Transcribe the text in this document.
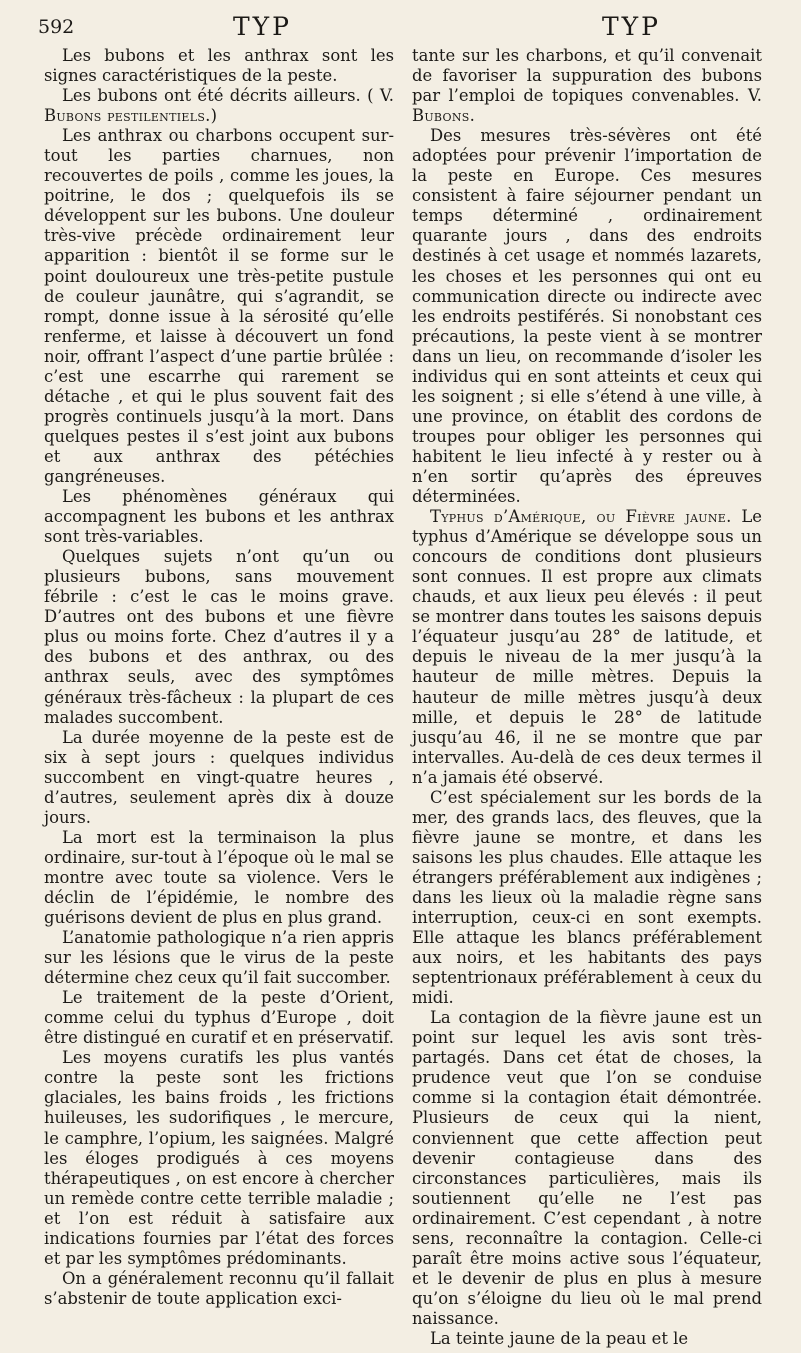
592	TYP	TYP

Les bubons et les anthrax sont les signes caractéristiques de la peste.

Les bubons ont été décrits ailleurs. ( V. Bubons pestilentiels.)

Les anthrax ou charbons occupent sur-tout les parties charnues, non recouvertes de poils , comme les joues, la poitrine, le dos ; quelquefois ils se développent sur les bubons. Une douleur très-vive précède ordinairement leur apparition : bientôt il se forme sur le point douloureux une très-petite pustule de couleur jaunâtre, qui s’agrandit, se rompt, donne issue à la sérosité qu’elle renferme, et laisse à découvert un fond noir, offrant l’aspect d’une partie brûlée : c’est une escarrhe qui rarement se détache , et qui le plus souvent fait des progrès continuels jusqu’à la mort. Dans quelques pestes il s’est joint aux bubons et aux anthrax des pétéchies gangréneuses.

Les phénomènes généraux qui accompagnent les bubons et les anthrax sont très-variables.

Quelques sujets n’ont qu’un ou plusieurs bubons, sans mouvement fébrile : c’est le cas le moins grave. D’autres ont des bubons et une fièvre plus ou moins forte. Chez d’autres il y a des bubons et des anthrax, ou des anthrax seuls, avec des symptômes généraux très-fâcheux : la plupart de ces malades succombent.

La durée moyenne de la peste est de six à sept jours : quelques individus succombent en vingt-quatre heures , d’autres, seulement après dix à douze jours.

La mort est la terminaison la plus ordinaire, sur-tout à l’époque où le mal se montre avec toute sa violence. Vers le déclin de l’épidémie, le nombre des guérisons devient de plus en plus grand.

L’anatomie pathologique n’a rien appris sur les lésions que le virus de la peste détermine chez ceux qu’il fait succomber.

Le traitement de la peste d’Orient, comme celui du typhus d’Europe , doit être distingué en curatif et en préservatif.

Les moyens curatifs les plus vantés contre la peste sont les frictions glaciales, les bains froids , les frictions huileuses, les sudorifiques , le mercure, le camphre, l’opium, les saignées. Malgré les éloges prodigués à ces moyens thérapeutiques , on est encore à chercher un remède contre cette terrible maladie ; et l’on est réduit à satisfaire aux indications fournies par l’état des forces et par les symptômes prédominants.

On a généralement reconnu qu’il fallait s’abstenir de toute application exci-

tante sur les charbons, et qu’il convenait de favoriser la suppuration des bubons par l’emploi de topiques convenables. V. Bubons.

Des mesures très-sévères ont été adoptées pour prévenir l’importation de la peste en Europe. Ces mesures consistent à faire séjourner pendant un temps déterminé , ordinairement quarante jours , dans des endroits destinés à cet usage et nommés lazarets, les choses et les personnes qui ont eu communication directe ou indirecte avec les endroits pestiférés. Si nonobstant ces précautions, la peste vient à se montrer dans un lieu, on recommande d’isoler les individus qui en sont atteints et ceux qui les soignent ; si elle s’étend à une ville, à une province, on établit des cordons de troupes pour obliger les personnes qui habitent le lieu infecté à y rester ou à n’en sortir qu’après des épreuves déterminées.

Typhus d’Amérique, ou Fièvre jaune. Le typhus d’Amérique se développe sous un concours de conditions dont plusieurs sont connues. Il est propre aux climats chauds, et aux lieux peu élevés : il peut se montrer dans toutes les saisons depuis l’équateur jusqu’au 28° de latitude, et depuis le niveau de la mer jusqu’à la hauteur de mille mètres. Depuis la hauteur de mille mètres jusqu’à deux mille, et depuis le 28° de latitude jusqu’au 46, il ne se montre que par intervalles. Au-delà de ces deux termes il n’a jamais été observé.

C’est spécialement sur les bords de la mer, des grands lacs, des fleuves, que la fièvre jaune se montre, et dans les saisons les plus chaudes. Elle attaque les étrangers préférablement aux indigènes ; dans les lieux où la maladie règne sans interruption, ceux-ci en sont exempts. Elle attaque les blancs préférablement aux noirs, et les habitants des pays septentrionaux préférablement à ceux du midi.

La contagion de la fièvre jaune est un point sur lequel les avis sont très-partagés. Dans cet état de choses, la prudence veut que l’on se conduise comme si la contagion était démontrée. Plusieurs de ceux qui la nient, conviennent que cette affection peut devenir contagieuse dans des circonstances particulières, mais ils soutiennent qu’elle ne l’est pas ordinairement. C’est cependant , à notre sens, reconnaître la contagion. Celle-ci paraît être moins active sous l’équateur, et le devenir de plus en plus à mesure qu’on s’éloigne du lieu où le mal prend naissance.

La teinte jaune de la peau et le
